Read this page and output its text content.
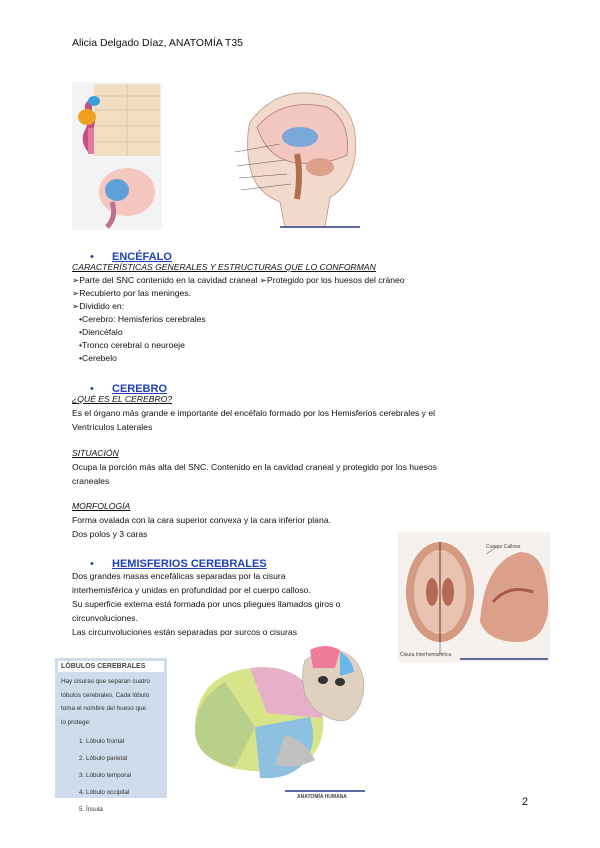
Alicia Delgado Díaz, ANATOMÍA T35
• ENCÉFALO
CARACTERÍSTICAS GENERALES Y ESTRUCTURAS QUE LO CONFORMAN
➢Parte del SNC contenido en la cavidad craneal ➢Protegido por los huesos del cráneo
➢Recubierto por las meninges.
➢Dividido en:
•Cerebro: Hemisferios cerebrales
•Diencéfalo
•Tronco cerebral o neuroeje
•Cerebelo
• CEREBRO
¿QUÉ ES EL CEREBRO?
Es el órgano más grande e importante del encéfalo formado por los Hemisferios cerebrales y el
Ventrículos Laterales
SITUACIÓN
Ocupa la porción más alta del SNC. Contenido en la cavidad craneal y protegido por los huesos
craneales
MORFOLOGÍA
Forma ovalada con la cara superior convexa y la cara inferior plana.
Dos polos y 3 caras
• HEMISFERIOS CEREBRALES
Dos grandes masas encefálicas separadas por la cisura
interhemisférica y unidas en profundidad por el cuerpo calloso.
Su superficie externa está formada por unos pliegues llamados giros o
circunvoluciones.
Las circunvoluciones están separadas por surcos o cisuras
Cuerpo Calloso
Cisura Interhemisférica
LÓBULOS CEREBRALES
Hay cisuras que separan cuatro
lóbulos cerebrales. Cada lóbulo
toma el nombre del hueso que
lo protege:
1. Lóbulo frontal
2. Lóbulo parietal
3. Lóbulo temporal
4. Lóbulo occipital
5. Ínsula
ANATOMÍA HUMANA	2
